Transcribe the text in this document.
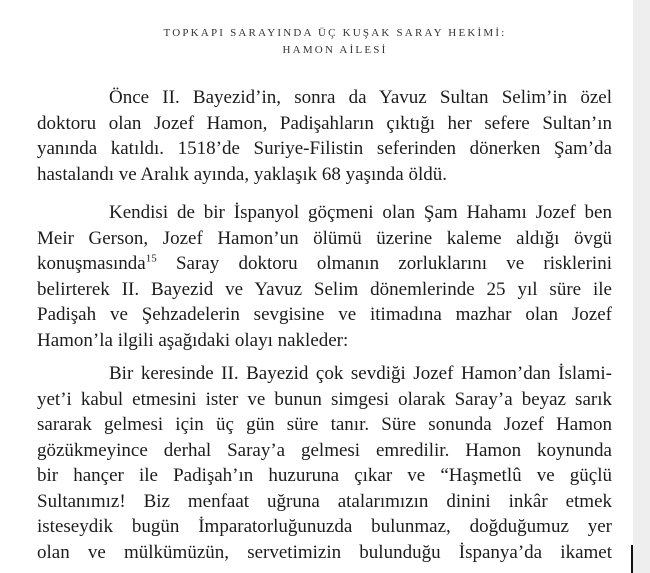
TOPKAPI SARAYINDA ÜÇ KUŞAK SARAY HEKİMİ:
HAMON AİLESİ
Önce II. Bayezid’in, sonra da Yavuz Sultan Selim’in özel
doktoru olan Jozef Hamon, Padişahların çıktığı her sefere Sultan’ın
yanında katıldı. 1518’de Suriye-Filistin seferinden dönerken Şam’da
hastalandı ve Aralık ayında, yaklaşık 68 yaşında öldü.
Kendisi de bir İspanyol göçmeni olan Şam Hahamı Jozef ben
Meir Gerson, Jozef Hamon’un ölümü üzerine kaleme aldığı övgü
konuşmasında$^{15}$ Saray doktoru olmanın zorluklarını ve risklerini
belirterek II. Bayezid ve Yavuz Selim dönemlerinde 25 yıl süre ile
Padişah ve Şehzadelerin sevgisine ve itimadına mazhar olan Jozef
Hamon’la ilgili aşağıdaki olayı nakleder:
Bir keresinde II. Bayezid çok sevdiği Jozef Hamon’dan İslami-
yet’i kabul etmesini ister ve bunun simgesi olarak Saray’a beyaz sarık
sararak gelmesi için üç gün süre tanır. Süre sonunda Jozef Hamon
gözükmeyince derhal Saray’a gelmesi emredilir. Hamon koynunda
bir hançer ile Padişah’ın huzuruna çıkar ve “Haşmetlû ve güçlü
Sultanımız! Biz menfaat uğruna atalarımızın dinini inkâr etmek
isteseydik bugün İmparatorluğunuzda bulunmaz, doğduğumuz yer
olan ve mülkümüzün, servetimizin bulunduğu İspanya’da ikamet
